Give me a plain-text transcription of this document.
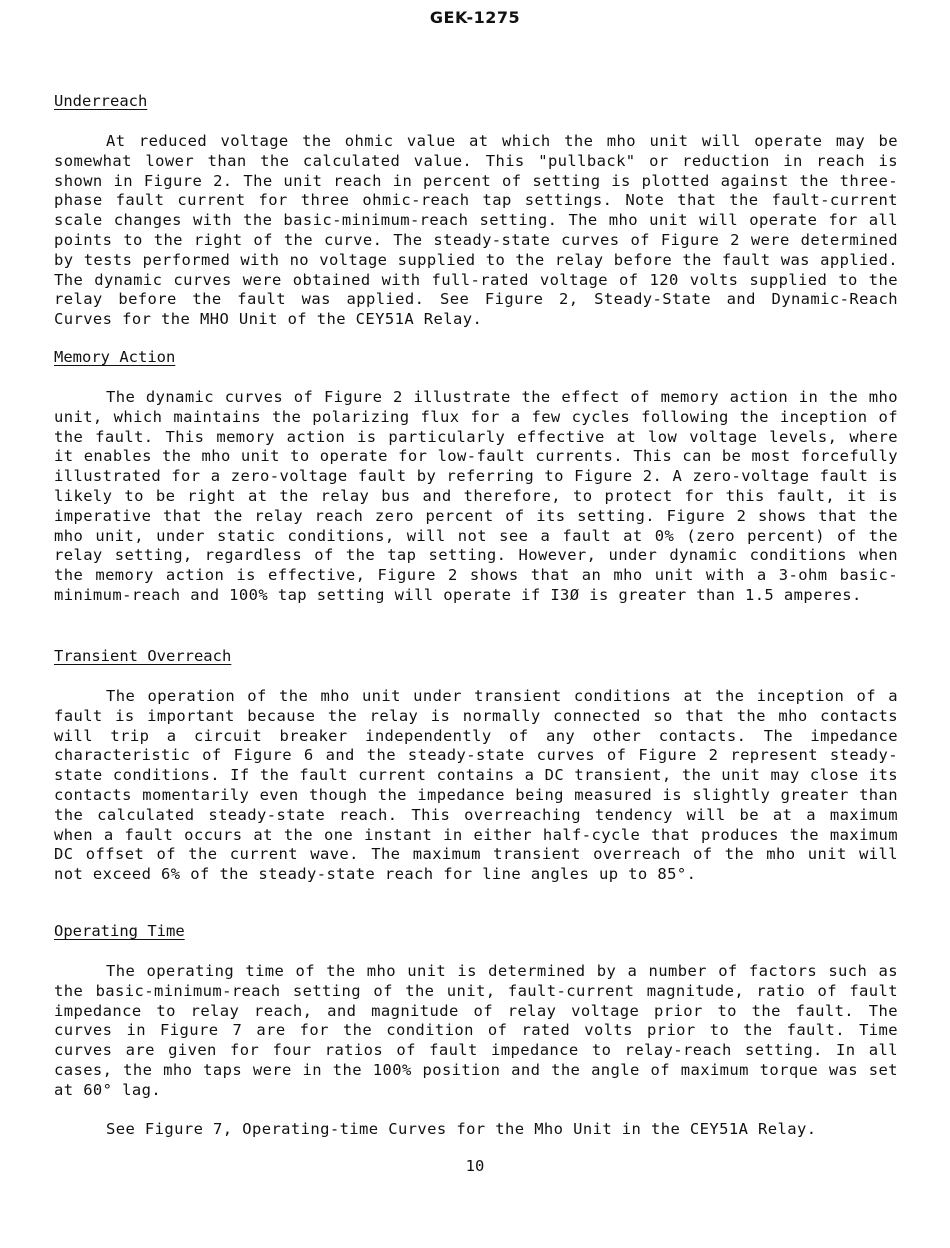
GEK-1275
Underreach

At reduced voltage the ohmic value at which the mho unit will operate may be somewhat lower than the calculated value. This "pullback" or reduction in reach is shown in Figure 2. The unit reach in percent of setting is plotted against the three-phase fault current for three ohmic-reach tap settings. Note that the fault-current scale changes with the basic-minimum-reach setting. The mho unit will operate for all points to the right of the curve. The steady-state curves of Figure 2 were determined by tests performed with no voltage supplied to the relay before the fault was applied. The dynamic curves were obtained with full-rated voltage of 120 volts supplied to the relay before the fault was applied. See Figure 2, Steady-State and Dynamic-Reach Curves for the MHO Unit of the CEY51A Relay.

Memory Action

The dynamic curves of Figure 2 illustrate the effect of memory action in the mho unit, which maintains the polarizing flux for a few cycles following the inception of the fault. This memory action is particularly effective at low voltage levels, where it enables the mho unit to operate for low-fault currents. This can be most forcefully illustrated for a zero-voltage fault by referring to Figure 2. A zero-voltage fault is likely to be right at the relay bus and therefore, to protect for this fault, it is imperative that the relay reach zero percent of its setting. Figure 2 shows that the mho unit, under static conditions, will not see a fault at 0% (zero percent) of the relay setting, regardless of the tap setting. However, under dynamic conditions when the memory action is effective, Figure 2 shows that an mho unit with a 3-ohm basic-minimum-reach and 100% tap setting will operate if I3Ø is greater than 1.5 amperes.

Transient Overreach

The operation of the mho unit under transient conditions at the inception of a fault is important because the relay is normally connected so that the mho contacts will trip a circuit breaker independently of any other contacts. The impedance characteristic of Figure 6 and the steady-state curves of Figure 2 represent steady-state conditions. If the fault current contains a DC transient, the unit may close its contacts momentarily even though the impedance being measured is slightly greater than the calculated steady-state reach. This overreaching tendency will be at a maximum when a fault occurs at the one instant in either half-cycle that produces the maximum DC offset of the current wave. The maximum transient overreach of the mho unit will not exceed 6% of the steady-state reach for line angles up to 85°.

Operating Time

The operating time of the mho unit is determined by a number of factors such as the basic-minimum-reach setting of the unit, fault-current magnitude, ratio of fault impedance to relay reach, and magnitude of relay voltage prior to the fault. The curves in Figure 7 are for the condition of rated volts prior to the fault. Time curves are given for four ratios of fault impedance to relay-reach setting. In all cases, the mho taps were in the 100% position and the angle of maximum torque was set at 60° lag.

See Figure 7, Operating-time Curves for the Mho Unit in the CEY51A Relay.

10
